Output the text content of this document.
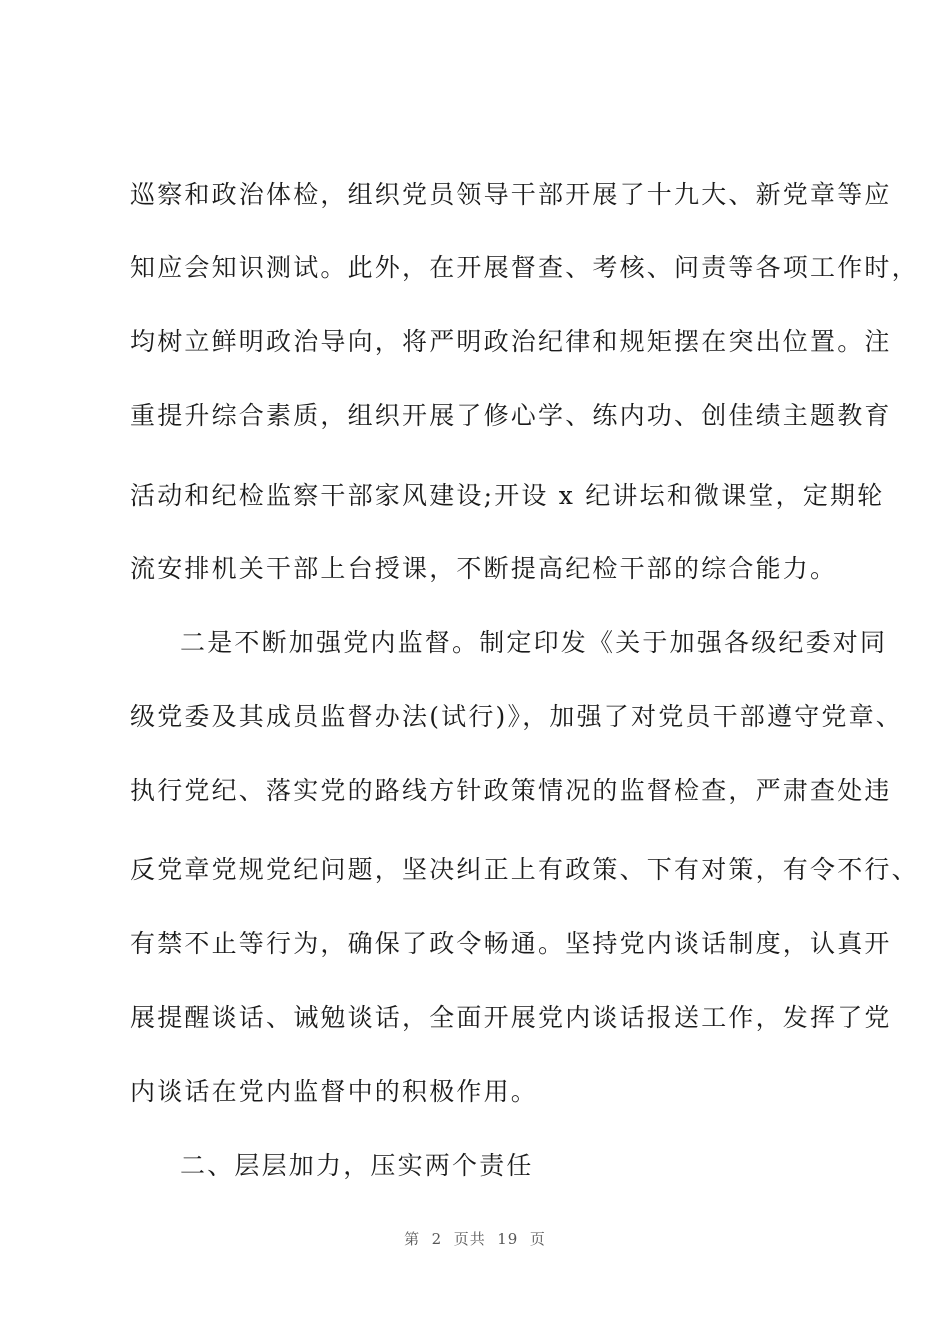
巡察和政治体检，组织党员领导干部开展了十九大、新党章等应
知应会知识测试。此外，在开展督查、考核、问责等各项工作时，
均树立鲜明政治导向，将严明政治纪律和规矩摆在突出位置。注
重提升综合素质，组织开展了修心学、练内功、创佳绩主题教育
活动和纪检监察干部家风建设;开设 x 纪讲坛和微课堂，定期轮
流安排机关干部上台授课，不断提高纪检干部的综合能力。
二是不断加强党内监督。制定印发《关于加强各级纪委对同
级党委及其成员监督办法(试行)》，加强了对党员干部遵守党章、
执行党纪、落实党的路线方针政策情况的监督检查，严肃查处违
反党章党规党纪问题，坚决纠正上有政策、下有对策，有令不行、
有禁不止等行为，确保了政令畅通。坚持党内谈话制度，认真开
展提醒谈话、诫勉谈话，全面开展党内谈话报送工作，发挥了党
内谈话在党内监督中的积极作用。
二、层层加力，压实两个责任
第  2  页共  19  页
